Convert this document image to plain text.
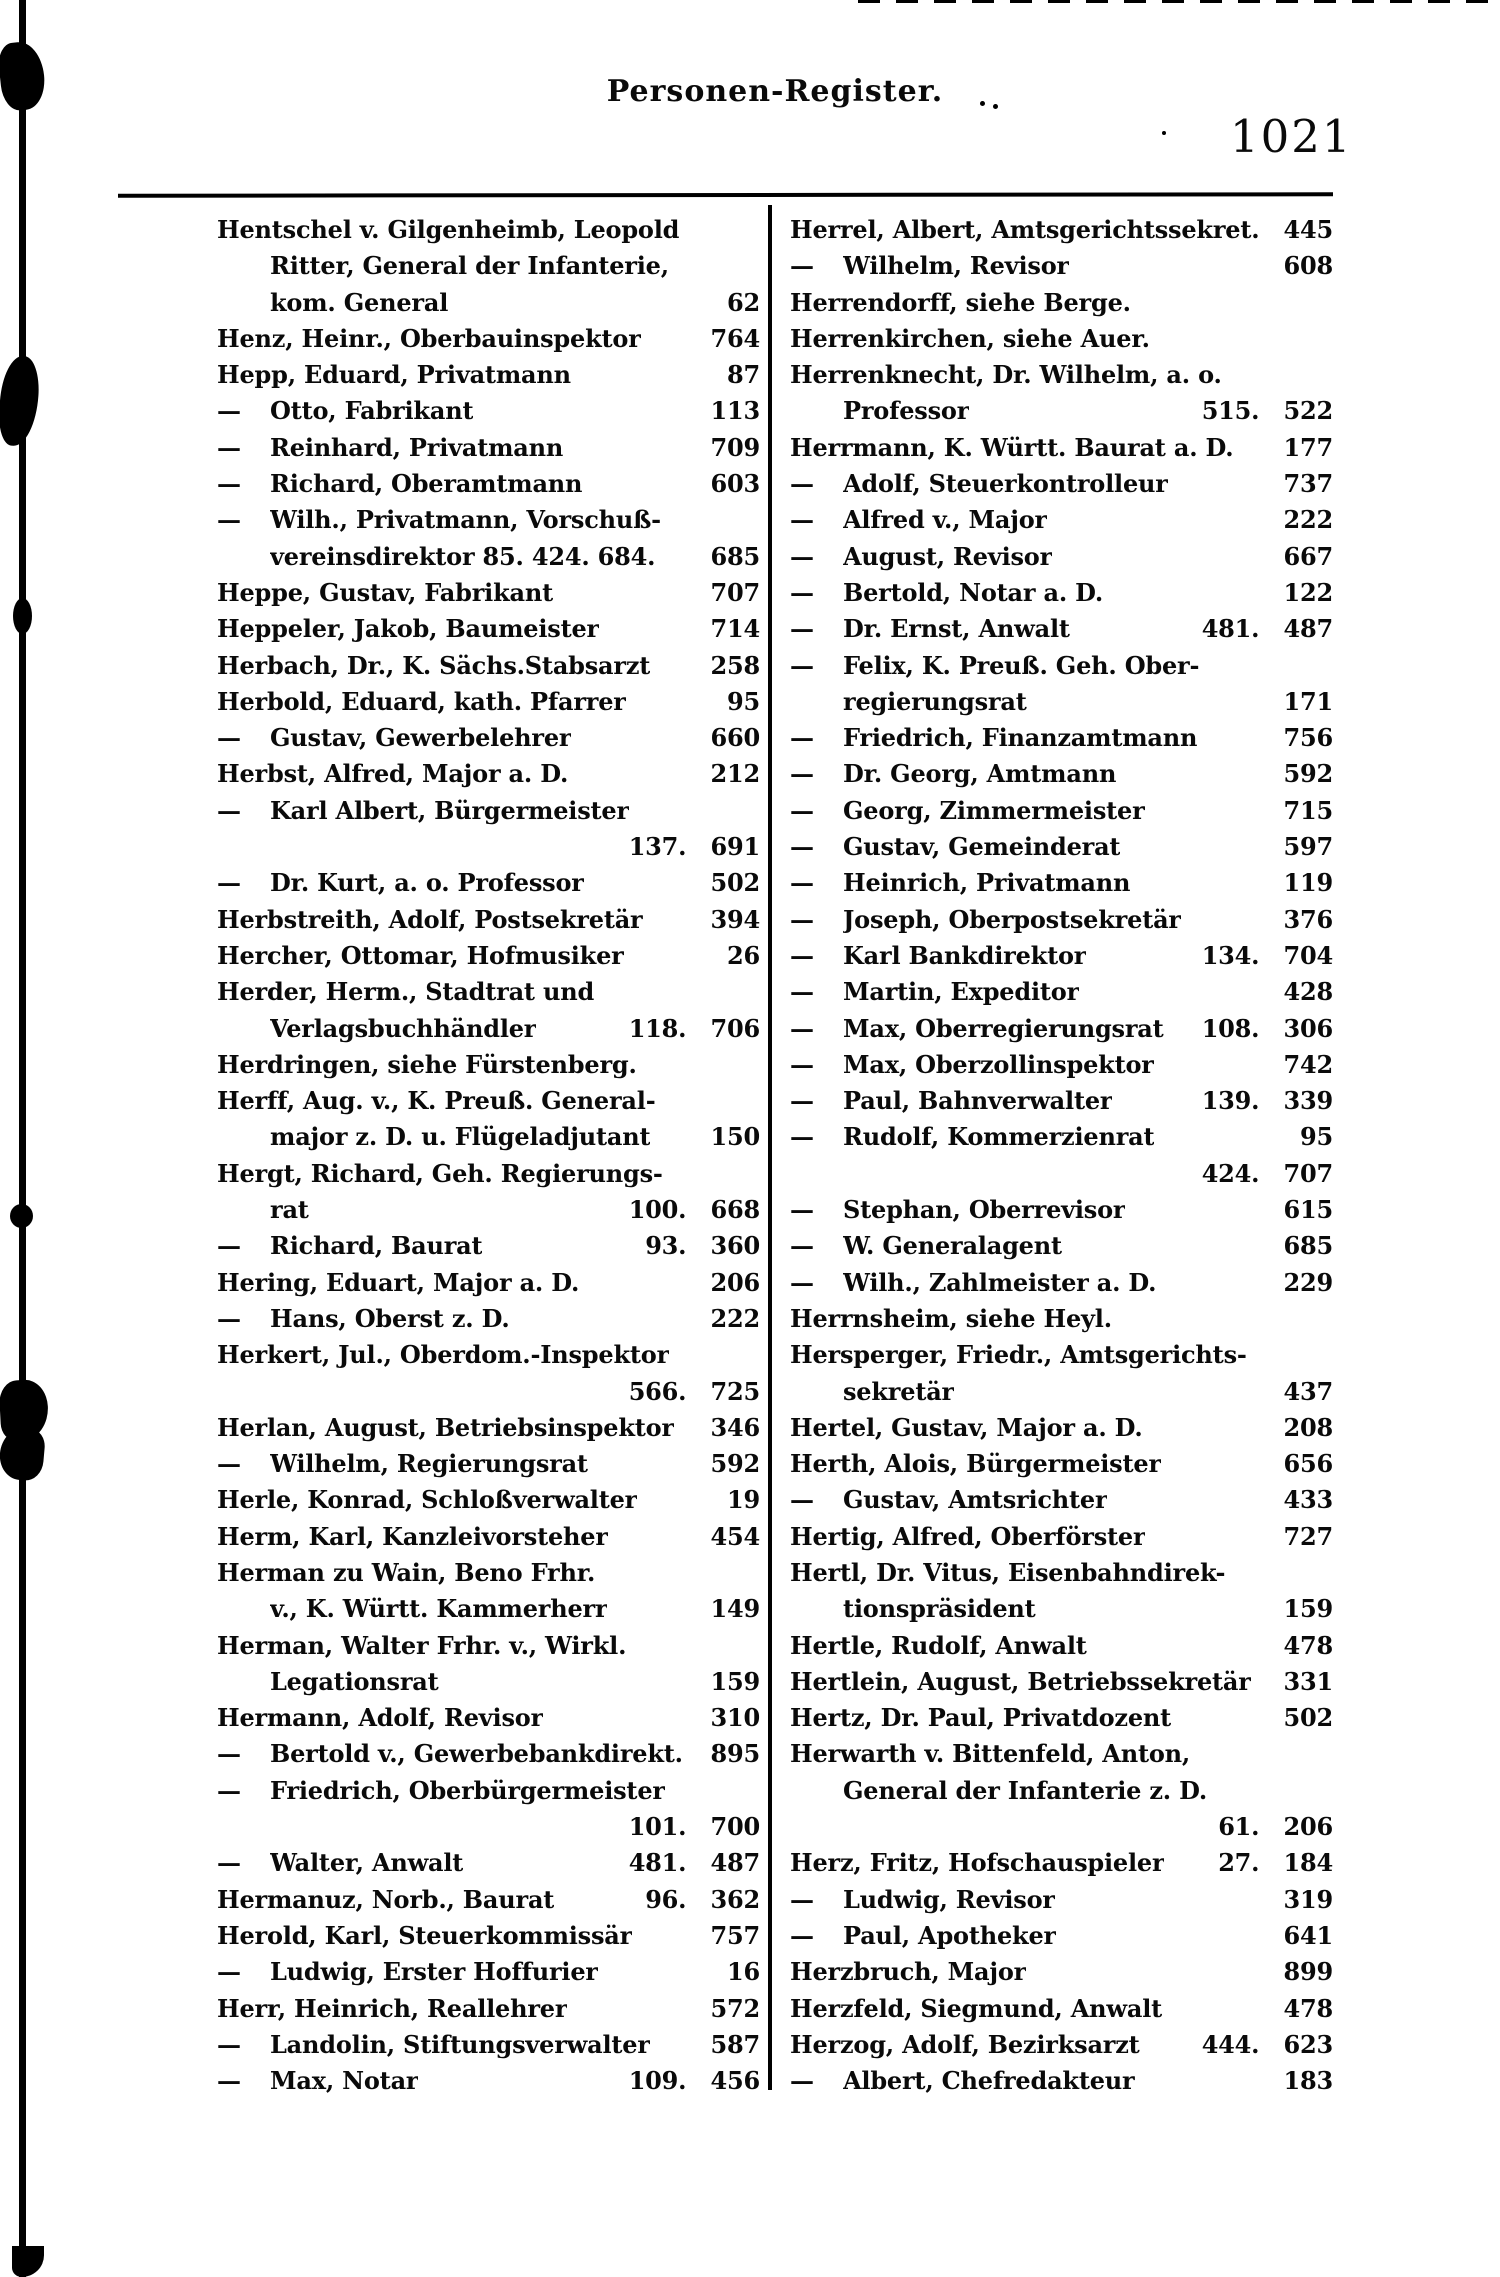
Personen-Register.
1021
Hentschel v. Gilgenheimb, Leopold
Ritter, General der Infanterie,
kom. General	62
Henz, Heinr., Oberbauinspektor	764
Hepp, Eduard, Privatmann	87
—	Otto, Fabrikant	113
—	Reinhard, Privatmann	709
—	Richard, Oberamtmann	603
—	Wilh., Privatmann, Vorschuß-
vereinsdirektor 85. 424. 684. 685
Heppe, Gustav, Fabrikant	707
Heppeler, Jakob, Baumeister	714
Herbach, Dr., K. Sächs.Stabsarzt	258
Herbold, Eduard, kath. Pfarrer	95
—	Gustav, Gewerbelehrer	660
Herbst, Alfred, Major a. D.	212
—	Karl Albert, Bürgermeister
137. 691
—	Dr. Kurt, a. o. Professor	502
Herbstreith, Adolf, Postsekretär	394
Hercher, Ottomar, Hofmusiker	26
Herder, Herm., Stadtrat und
Verlagsbuchhändler	118. 706
Herdringen, siehe Fürstenberg.
Herff, Aug. v., K. Preuß. General-
major z. D. u. Flügeladjutant	150
Hergt, Richard, Geh. Regierungs-
rat	100. 668
—	Richard, Baurat	93. 360
Hering, Eduart, Major a. D.	206
—	Hans, Oberst z. D.	222
Herkert, Jul., Oberdom.-Inspektor
566. 725
Herlan, August, Betriebsinspektor 346
—	Wilhelm, Regierungsrat	592
Herle, Konrad, Schloßverwalter	19
Herm, Karl, Kanzleivorsteher	454
Herman zu Wain, Beno Frhr.
v., K. Württ. Kammerherr	149
Herman, Walter Frhr. v., Wirkl.
Legationsrat	159
Hermann, Adolf, Revisor	310
—	Bertold v., Gewerbebankdirekt. 895
—	Friedrich, Oberbürgermeister
101. 700
—	Walter, Anwalt	481. 487
Hermanuz, Norb., Baurat	96. 362
Herold, Karl, Steuerkommissär	757
—	Ludwig, Erster Hoffurier	16
Herr, Heinrich, Reallehrer	572
—	Landolin, Stiftungsverwalter	587
—	Max, Notar	109. 456
Herrel, Albert, Amtsgerichtssekret. 445
—	Wilhelm, Revisor	608
Herrendorff, siehe Berge.
Herrenkirchen, siehe Auer.
Herrenknecht, Dr. Wilhelm, a. o.
Professor	515. 522
Herrmann, K. Württ. Baurat a. D. 177
—	Adolf, Steuerkontrolleur	737
—	Alfred v., Major	222
—	August, Revisor	667
—	Bertold, Notar a. D.	122
—	Dr. Ernst, Anwalt	481. 487
—	Felix, K. Preuß. Geh. Ober-
regierungsrat	171
—	Friedrich, Finanzamtmann	756
—	Dr. Georg, Amtmann	592
—	Georg, Zimmermeister	715
—	Gustav, Gemeinderat	597
—	Heinrich, Privatmann	119
—	Joseph, Oberpostsekretär	376
—	Karl Bankdirektor	134. 704
—	Martin, Expeditor	428
—	Max, Oberregierungsrat 108. 306
—	Max, Oberzollinspektor	742
—	Paul, Bahnverwalter	139. 339
—	Rudolf, Kommerzienrat	95
424. 707
—	Stephan, Oberrevisor	615
—	W. Generalagent	685
—	Wilh., Zahlmeister a. D.	229
Herrnsheim, siehe Heyl.
Hersperger, Friedr., Amtsgerichts-
sekretär	437
Hertel, Gustav, Major a. D.	208
Herth, Alois, Bürgermeister	656
—	Gustav, Amtsrichter	433
Hertig, Alfred, Oberförster	727
Hertl, Dr. Vitus, Eisenbahndirek-
tionspräsident	159
Hertle, Rudolf, Anwalt	478
Hertlein, August, Betriebssekretär 331
Hertz, Dr. Paul, Privatdozent	502
Herwarth v. Bittenfeld, Anton,
General der Infanterie z. D.
61. 206
Herz, Fritz, Hofschauspieler 27. 184
—	Ludwig, Revisor	319
—	Paul, Apotheker	641
Herzbruch, Major	899
Herzfeld, Siegmund, Anwalt	478
Herzog, Adolf, Bezirksarzt	444. 623
—	Albert, Chefredakteur	183
